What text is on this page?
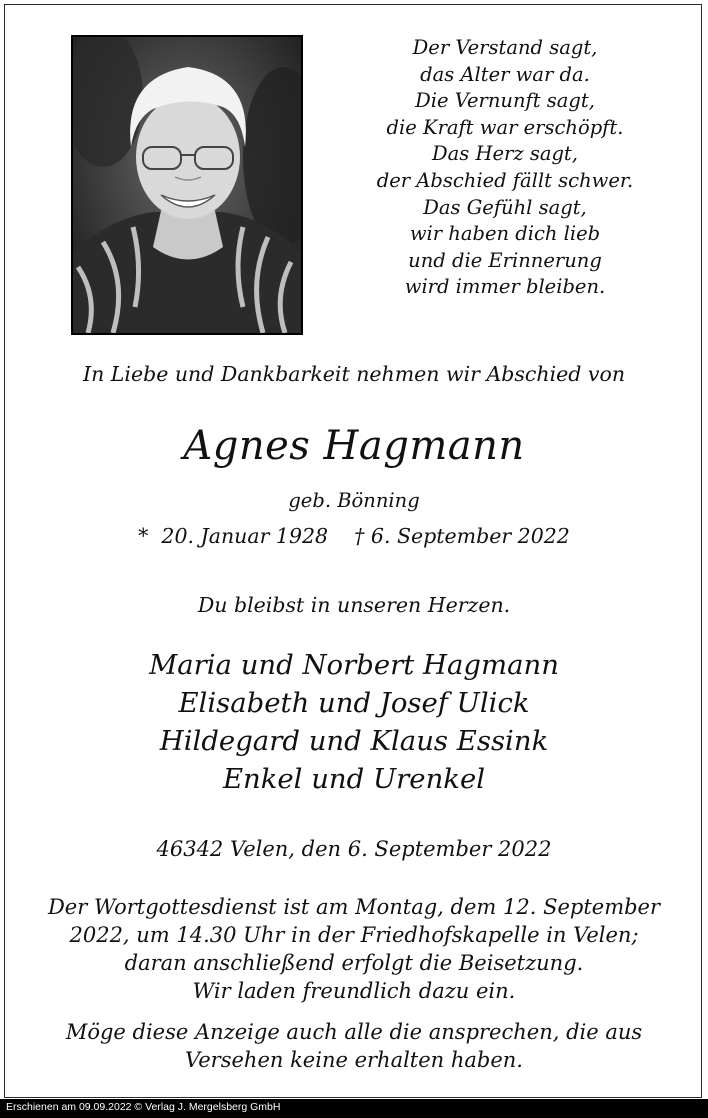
Der Verstand sagt,
das Alter war da.
Die Vernunft sagt,
die Kraft war erschöpft.
Das Herz sagt,
der Abschied fällt schwer.
Das Gefühl sagt,
wir haben dich lieb
und die Erinnerung
wird immer bleiben.
In Liebe und Dankbarkeit nehmen wir Abschied von
Agnes Hagmann
geb. Bönning
*  20. Januar 1928    † 6. September 2022
Du bleibst in unseren Herzen.
Maria und Norbert Hagmann
Elisabeth und Josef Ulick
Hildegard und Klaus Essink
Enkel und Urenkel
46342 Velen, den 6. September 2022
Der Wortgottesdienst ist am Montag, dem 12. September
2022, um 14.30 Uhr in der Friedhofskapelle in Velen;
daran anschließend erfolgt die Beisetzung.
Wir laden freundlich dazu ein.
Möge diese Anzeige auch alle die ansprechen, die aus
Versehen keine erhalten haben.
Erschienen am 09.09.2022 © Verlag J. Mergelsberg GmbH
